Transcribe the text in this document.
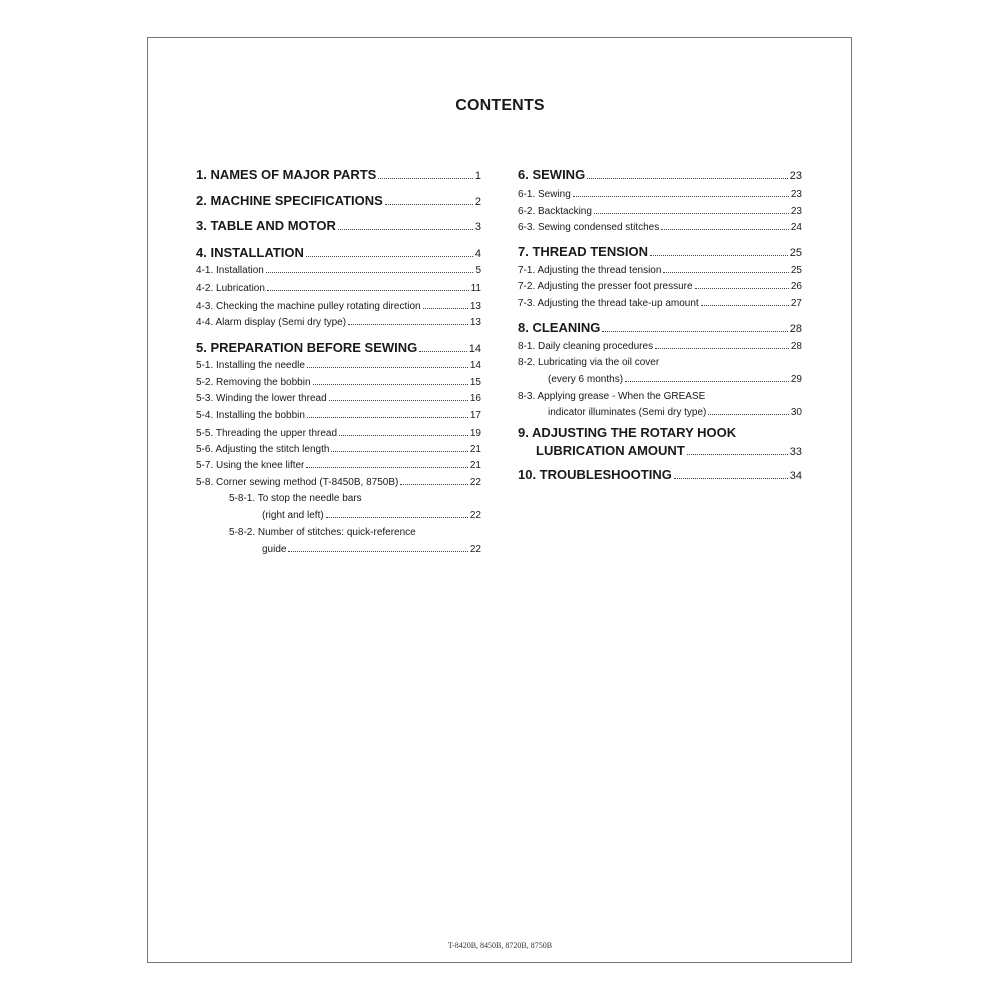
CONTENTS
1. NAMES OF MAJOR PARTS	1
2. MACHINE SPECIFICATIONS	2
3. TABLE AND MOTOR	3
4. INSTALLATION	4
4-1. Installation	5
4-2. Lubrication	11
4-3. Checking the machine pulley rotating direction	13
4-4. Alarm display (Semi dry type)	13
5. PREPARATION BEFORE SEWING	14
5-1. Installing the needle	14
5-2. Removing the bobbin	15
5-3. Winding the lower thread	16
5-4. Installing the bobbin	17
5-5. Threading the upper thread	19
5-6. Adjusting the stitch length	21
5-7. Using the knee lifter	21
5-8. Corner sewing method (T-8450B, 8750B)	22
5-8-1. To stop the needle bars
(right and left)	22
5-8-2. Number of stitches: quick-reference
guide	22
6. SEWING	23
6-1. Sewing	23
6-2. Backtacking	23
6-3. Sewing condensed stitches	24
7. THREAD TENSION	25
7-1. Adjusting the thread tension	25
7-2. Adjusting the presser foot pressure	26
7-3. Adjusting the thread take-up amount	27
8. CLEANING	28
8-1. Daily cleaning procedures	28
8-2. Lubricating via the oil cover
(every 6 months)	29
8-3. Applying grease - When the GREASE
indicator illuminates (Semi dry type)	30
9. ADJUSTING THE ROTARY HOOK
LUBRICATION AMOUNT	33
10. TROUBLESHOOTING	34
T-8420B, 8450B, 8720B, 8750B
